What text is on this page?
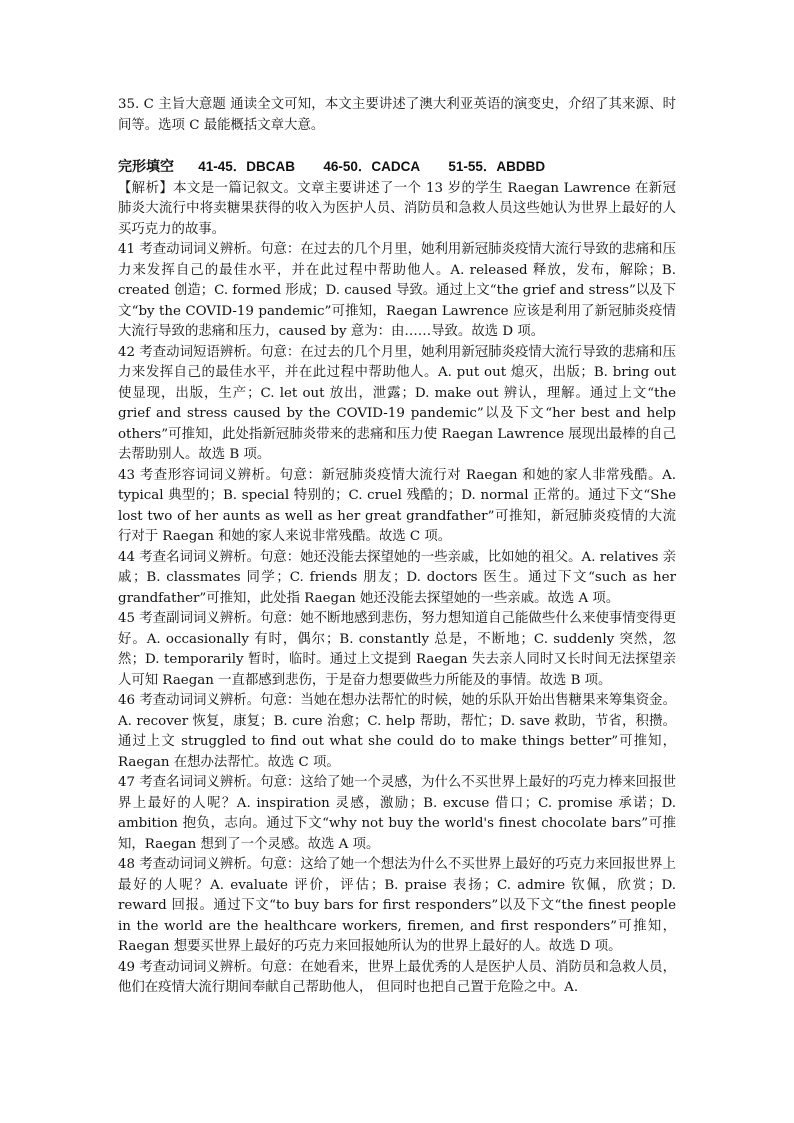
35. C 主旨大意题 通读全文可知，本文主要讲述了澳大利亚英语的演变史，介绍了其来源、时间等。选项 C 最能概括文章大意。

完形填空 41-45．DBCAB 46-50．CADCA 51-55．ABDBD

【解析】本文是一篇记叙文。文章主要讲述了一个 13 岁的学生 Raegan Lawrence 在新冠肺炎大流行中将卖糖果获得的收入为医护人员、消防员和急救人员这些她认为世界上最好的人买巧克力的故事。

41 考查动词词义辨析。句意：在过去的几个月里，她利用新冠肺炎疫情大流行导致的悲痛和压力来发挥自己的最佳水平，并在此过程中帮助他人。A. released 释放，发布，解除；B. created 创造；C. formed 形成；D. caused 导致。通过上文“the grief and stress”以及下文“by the COVID-19 pandemic”可推知，Raegan Lawrence 应该是利用了新冠肺炎疫情大流行导致的悲痛和压力，caused by 意为：由……导致。故选 D 项。

42 考查动词短语辨析。句意：在过去的几个月里，她利用新冠肺炎疫情大流行导致的悲痛和压力来发挥自己的最佳水平，并在此过程中帮助他人。A. put out 熄灭，出版；B. bring out 使显现，出版，生产；C. let out 放出，泄露；D. make out 辨认，理解。通过上文“the grief and stress caused by the COVID-19 pandemic”以及下文“her best and help others”可推知，此处指新冠肺炎带来的悲痛和压力使 Raegan Lawrence 展现出最棒的自己去帮助别人。故选 B 项。

43 考查形容词词义辨析。句意：新冠肺炎疫情大流行对 Raegan 和她的家人非常残酷。A. typical 典型的；B. special 特别的；C. cruel 残酷的；D. normal 正常的。通过下文“She lost two of her aunts as well as her great grandfather”可推知，新冠肺炎疫情的大流行对于 Raegan 和她的家人来说非常残酷。故选 C 项。

44 考查名词词义辨析。句意：她还没能去探望她的一些亲戚，比如她的祖父。A. relatives 亲戚；B. classmates 同学；C. friends 朋友；D. doctors 医生。通过下文“such as her grandfather”可推知，此处指 Raegan 她还没能去探望她的一些亲戚。故选 A 项。

45 考查副词词义辨析。句意：她不断地感到悲伤，努力想知道自己能做些什么来使事情变得更好。A. occasionally 有时，偶尔；B. constantly 总是，不断地；C. suddenly 突然，忽然；D. temporarily 暂时，临时。通过上文提到 Raegan 失去亲人同时又长时间无法探望亲人可知 Raegan 一直都感到悲伤，于是奋力想要做些力所能及的事情。故选 B 项。

46 考查动词词义辨析。句意：当她在想办法帮忙的时候，她的乐队开始出售糖果来筹集资金。A. recover 恢复，康复；B. cure 治愈；C. help 帮助，帮忙；D. save 救助，节省，积攒。通过上文 struggled to find out what she could do to make things better”可推知， Raegan 在想办法帮忙。故选 C 项。

47 考查名词词义辨析。句意：这给了她一个灵感，为什么不买世界上最好的巧克力棒来回报世界上最好的人呢？A. inspiration 灵感，激励；B. excuse 借口；C. promise 承诺；D. ambition 抱负，志向。通过下文“why not buy the world's finest chocolate bars”可推知，Raegan 想到了一个灵感。故选 A 项。

48 考查动词词义辨析。句意：这给了她一个想法为什么不买世界上最好的巧克力来回报世界上最好的人呢？A. evaluate 评价，评估；B. praise 表扬；C. admire 钦佩，欣赏；D. reward 回报。通过下文“to buy bars for first responders”以及下文“the finest people in the world are the healthcare workers, firemen, and first responders”可推知， Raegan 想要买世界上最好的巧克力来回报她所认为的世界上最好的人。故选 D 项。

49 考查动词词义辨析。句意：在她看来，世界上最优秀的人是医护人员、消防员和急救人员，他们在疫情大流行期间奉献自己帮助他人， 但同时也把自己置于危险之中。A.
